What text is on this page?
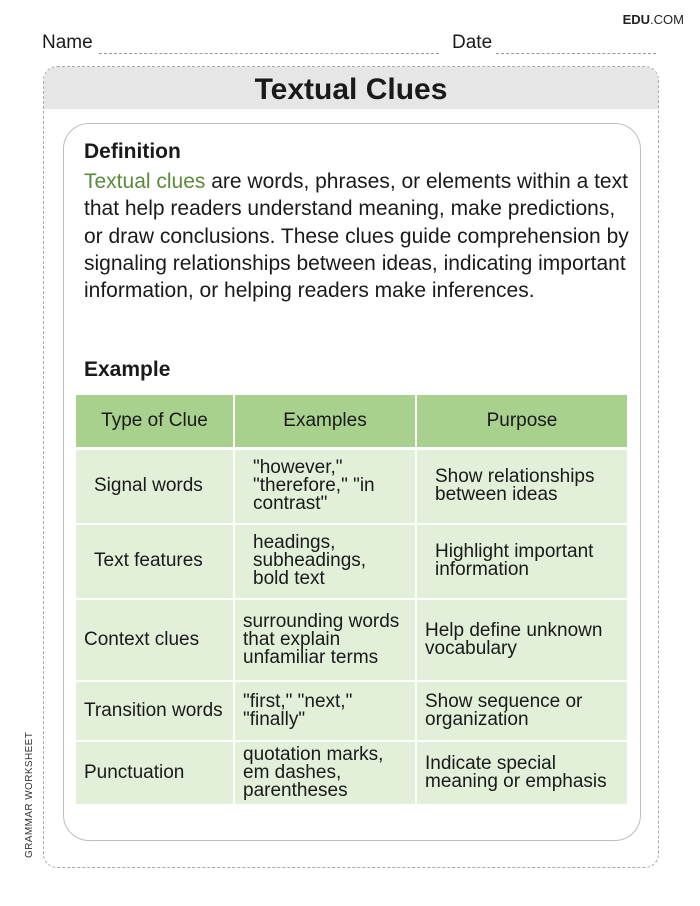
EDU.COM
Name	Date
Textual Clues
Definition
Textual clues are words, phrases, or elements within a text that help readers understand meaning, make predictions, or draw conclusions. These clues guide comprehension by signaling relationships between ideas, indicating important information, or helping readers make inferences.
Example
Type of Clue	Examples	Purpose
Signal words	"however," "therefore," "in contrast"	Show relationships between ideas
Text features	headings, subheadings, bold text	Highlight important information
Context clues	surrounding words that explain unfamiliar terms	Help define unknown vocabulary
Transition words	"first," "next," "finally"	Show sequence or organization
Punctuation	quotation marks, em dashes, parentheses	Indicate special meaning or emphasis
GRAMMAR WORKSHEET
